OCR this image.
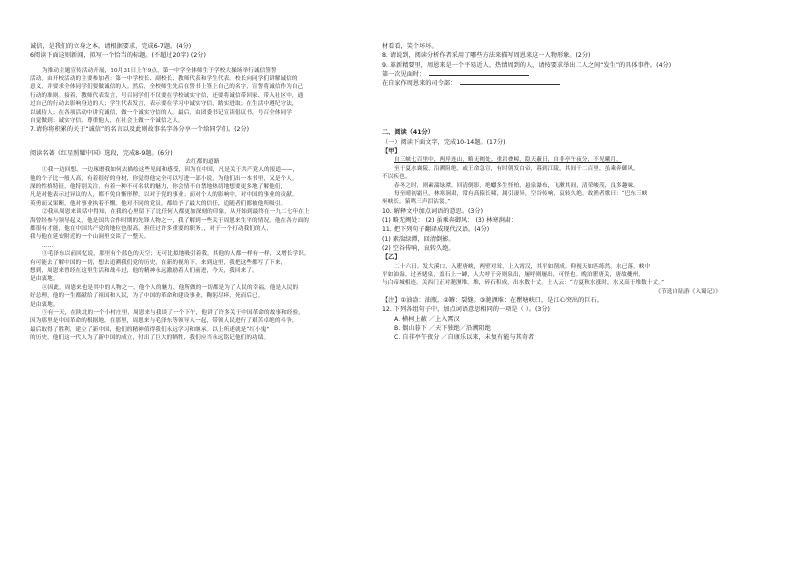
诚信，是我们的立身之本。请根据要求，完成6-7题。(4分)

6阅读下面这则新闻，拟写一个恰当的标题。(不超过20字) (2分)

为推动主题宣传活动开展，10月31日上午9点，第一中学全体师生于学校大操场举行诚信签誓

活动。由开校活动的主要参加者：第一中学校长、副校长、教师代表和学生代表。校长向同学们讲解诚信的

意义，并要求全体同学们要做诚信的人。然后，全校师生先后在誓书上签上自己的名字，宣誓将诚信作为自己

行动的准则。接着，教师代表发言，号召同学们不仅要在学校诚实守信，还要将诚信带回家、带入社区中，通

过自己的行动去影响身边的人；学生代表发言，表示要在学习中诚实守信，踏实进取；在生活中遵纪守法，

以诚待人；在各项活动中讲究诚信，做一个诚实守信的人。最后，由团委书记宣读倡议书，号召全体同学

自觉做到：诚实守信，尊重他人，在社会上做一个诚信之人。

7.请你将积累的关于“诚信”的名言以及此则故事名字各分享一个给同学们。(2分)

阅读名著《红星照耀中国》选段，完成8-9题。(6分)

去红都的道路

①我一边回想，一边琢磨我如何去描绘这些见闻和感受，因为在中国，凡是关于共产党人的报道——，

他的个子比一般人高，有着很好的身材，你觉得他完全可以写进一部小说，为他们出一本书里，又是个人。

深的性格特征，他特别关注，有着一种不可名状的魅力，你会情不自禁地热切地想要更多地了解他们，

凡是对他表示过异议的人，都不免自惭形秽，以对于党的事业；而对个人的影响中，对中国的事业的贡献。

英勇而又果断，他对事业执着不懈。他对不同的党员，都给予了最大的信任，追随者们都被他所吸引。

②我从周恩来谈话中得知，在我的心里留下了比任何人都更加深刻的印象，从开始到最终在一九二七年在上

海曾经参与领导起义，他是国共合作时期的先锋人物之一，我了解到一些关于周恩来生平的情况，他在各方面的

都很有才能，他在中国共产党的地位也很高，担任过许多重要的职务。，对于一个打动我们的人，

我与他在延安附近的一个山洞里交谈了一整天。

……

③毛泽东以前回忆说，那里有个蓝色的天空；无可比拟地吸引着我。其他的人都一样有一样，又增长学识。

有可能去了解中国的一切，想去追溯我们党的历史，在新的视角下，来到这里，我把这些都写了下来，

想到，周恩来曾经在这里生活和战斗过，他的精神永远激励着人们前进，今天，我回来了。

是由衷地。

④因此，周恩来也是其中的人物之一，他个人的魅力，他所做的一切都是为了人民的幸福，他是人民的

好总理，他的一生都献给了祖国和人民，为了中国的革命和建设事业，鞠躬尽瘁，死而后已。

是由衷地。

⑤有一天，在陕北的一个小村庄里，周恩来与我谈了一个下午，他讲了许多关于中国革命的故事和经验，

因为那里是中国革命的根据地，在那里，周恩来与毛泽东等领导人一起，带领人民进行了艰苦卓绝的斗争，

最后取得了胜利，建立了新中国，他们的精神值得我们永远学习和继承。以上所述就是“红小鬼”

的历史，他们这一代人为了新中国的成立，付出了巨大的牺牲，我们应当永远铭记他们的功绩。

材看看，笑个坏坏。

8. 请说到，阅读分析作者采用了哪些方法来描写周恩来这一人物形象。(2分)

9. 革新精要里，周恩来是一个平易近人、热情周到的人，请按要求举出二人之间“发生”的具体事件。(4分)

第一次见面时：

在自家作周恩来的司令部：

二、阅读（41分）

（一）阅读下面文字，完成10-14题。(17分)

【甲】

自三峡七百里中，两岸连山，略无阙处。重岩叠嶂，隐天蔽日，自非亭午夜分，不见曦月。

至于夏水襄陵，沿溯阻绝。或王命急宣，有时朝发白帝，暮到江陵，其间千二百里，虽乘奔御风，

不以疾也。

春冬之时，则素湍绿潭，回清倒影，绝巘多生怪柏，悬泉瀑布，飞漱其间，清荣峻茂，良多趣味。

每至晴初霜旦，林寒涧肃，常有高猿长啸，属引凄异，空谷传响，哀转久绝。故渔者歌曰：“巴东三峡

巫峡长，猿鸣三声泪沾裳。”

10. 解释文中加点词语的意思。(3分)

(1) 略无阙处： (2) 虽乘奔御风： (3) 林寒涧肃：

11. 把下列句子翻译成现代汉语。(4分)

(1) 素湍绿潭，回清倒影。

(2) 空谷传响，哀转久绝。

【乙】

二十六日。发大溪口，入瞿唐峡，两壁对耸，上入霄汉，其平如削成。仰视天如匹练然。水已落，峡中

平如油盎。过圣姥泉，盖石上一罅，人大呼于旁则泉出，屡呼则屡出，可怪也。晚泊瞿唐关，唐故夔州，

与白帝城相连。关西门正对滟滪堆。堆，碎石积成，出水数十丈。土人云：“方夏秋水涨时，水又高于堆数十丈。”

《节选自陆游《入蜀记》》

【注】①油盎：油瓶。②罅：裂缝。③滟滪堆：在瞿塘峡口，是江心突出的巨石。

12. 下列各组句子中，加点词语意思相同的一项是（ ）。(3分)

A. 横柯上蔽 ／上入霄汉

B. 偶山暮下 ／天下独绝／沿溯阻绝

C. 自非亭午夜分 ／自康乐以来，未复有能与其奇者
